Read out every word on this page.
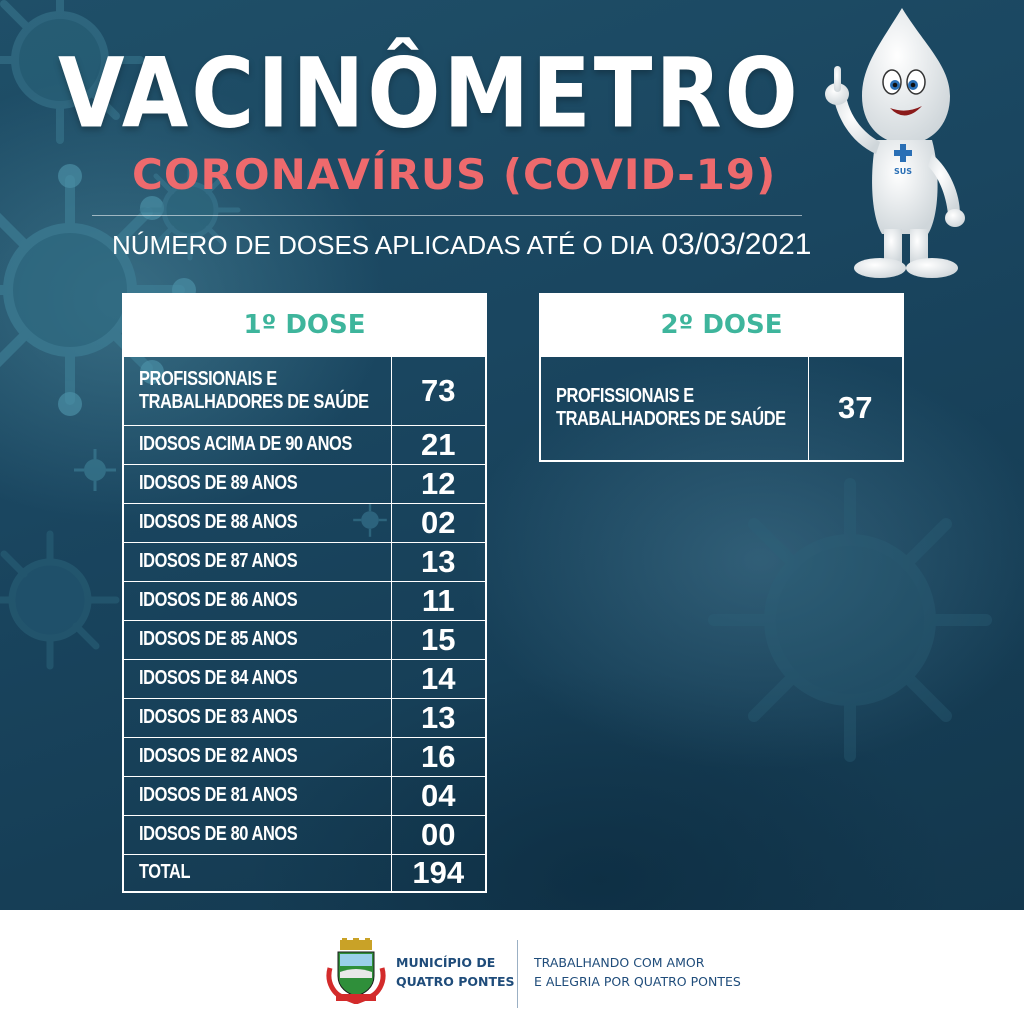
VACINÔMETRO
CORONAVÍRUS (COVID-19)
NÚMERO DE DOSES APLICADAS ATÉ O DIA 03/03/2021
SUS
1º DOSE	
PROFISSIONAIS E
TRABALHADORES DE SAÚDE	73
IDOSOS ACIMA DE 90 ANOS	21
IDOSOS DE 89 ANOS	12
IDOSOS DE 88 ANOS	02
IDOSOS DE 87 ANOS	13
IDOSOS DE 86 ANOS	11
IDOSOS DE 85 ANOS	15
IDOSOS DE 84 ANOS	14
IDOSOS DE 83 ANOS	13
IDOSOS DE 82 ANOS	16
IDOSOS DE 81 ANOS	04
IDOSOS DE 80 ANOS	00
TOTAL	194
2º DOSE
PROFISSIONAIS E
TRABALHADORES DE SAÚDE	37
MUNICÍPIO DE
QUATRO PONTES
TRABALHANDO COM AMOR
E ALEGRIA POR QUATRO PONTES
